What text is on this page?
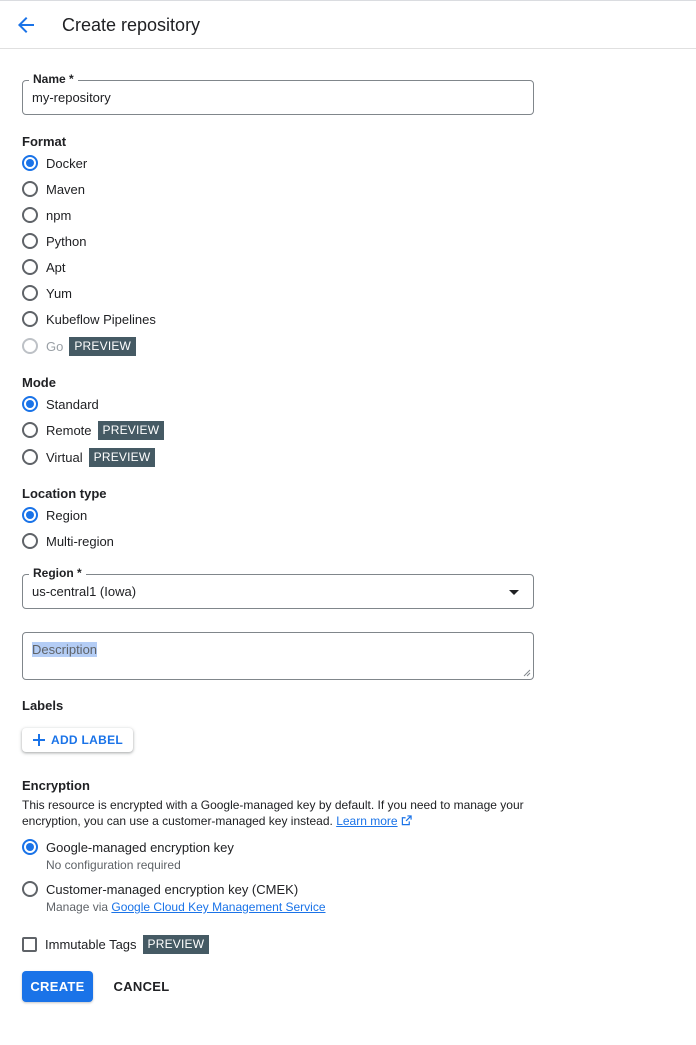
Create repository
Name *
my-repository
Format
Docker
Maven
npm
Python
Apt
Yum
Kubeflow Pipelines
Go PREVIEW
Mode
Standard
Remote PREVIEW
Virtual PREVIEW
Location type
Region
Multi-region
Region *
us-central1 (Iowa)
Description
Labels
ADD LABEL
Encryption
This resource is encrypted with a Google-managed key by default. If you need to manage your encryption, you can use a customer-managed key instead. Learn more
Google-managed encryption key
No configuration required
Customer-managed encryption key (CMEK)
Manage via Google Cloud Key Management Service
Immutable Tags PREVIEW
CREATE	CANCEL
